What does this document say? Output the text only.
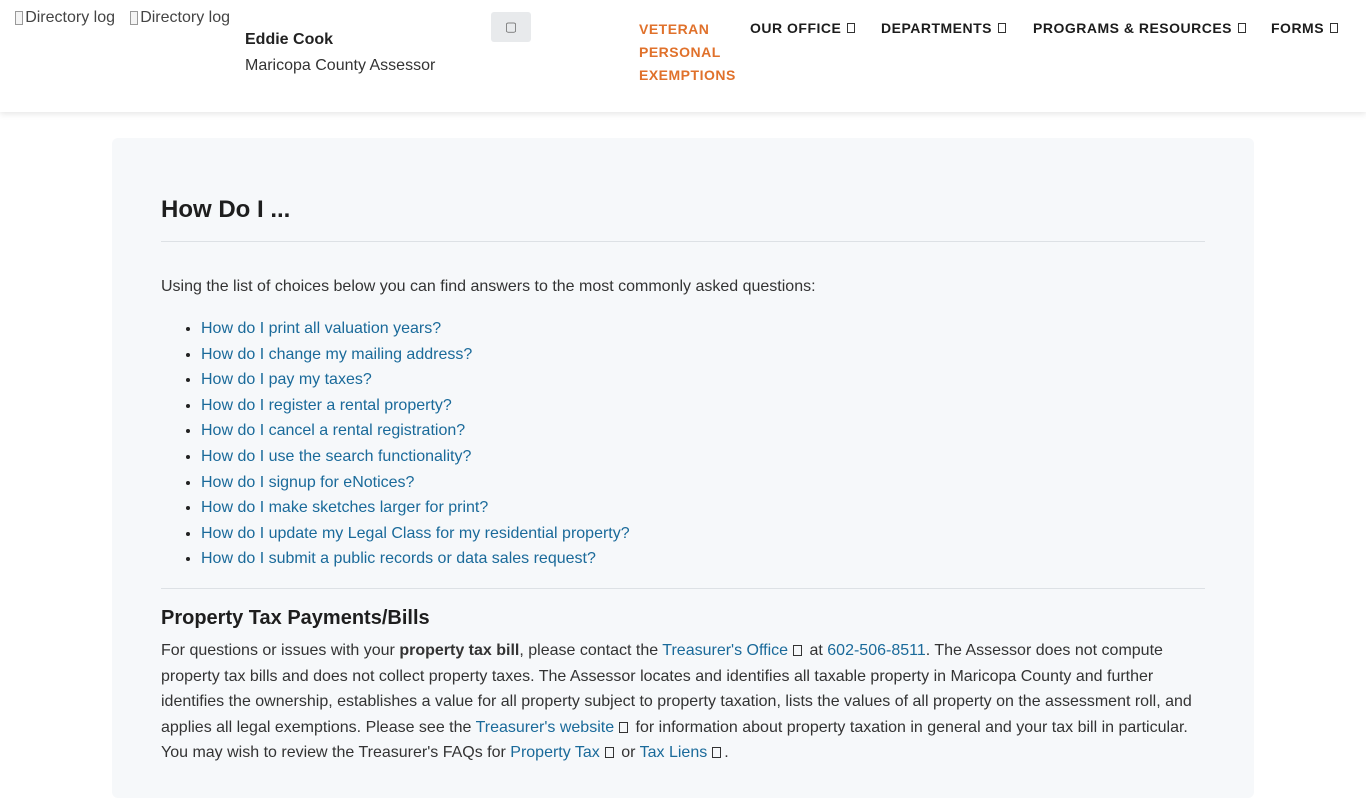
Directory log Directory log
Eddie Cook
Maricopa County Assessor
▢	VETERAN PERSONAL EXEMPTIONS
OUR OFFICE	DEPARTMENTS	PROGRAMS & RESOURCES	FORMS
How Do I ...
Using the list of choices below you can find answers to the most commonly asked questions:
• How do I print all valuation years?
• How do I change my mailing address?
• How do I pay my taxes?
• How do I register a rental property?
• How do I cancel a rental registration?
• How do I use the search functionality?
• How do I signup for eNotices?
• How do I make sketches larger for print?
• How do I update my Legal Class for my residential property?
• How do I submit a public records or data sales request?
Property Tax Payments/Bills

For questions or issues with your property tax bill, please contact the Treasurer's Office at 602-506-8511. The Assessor does not compute property tax bills and does not collect property taxes. The Assessor locates and identifies all taxable property in Maricopa County and further identifies the ownership, establishes a value for all property subject to property taxation, lists the values of all property on the assessment roll, and applies all legal exemptions. Please see the Treasurer's website for information about property taxation in general and your tax bill in particular. You may wish to review the Treasurer's FAQs for Property Tax or Tax Liens .
